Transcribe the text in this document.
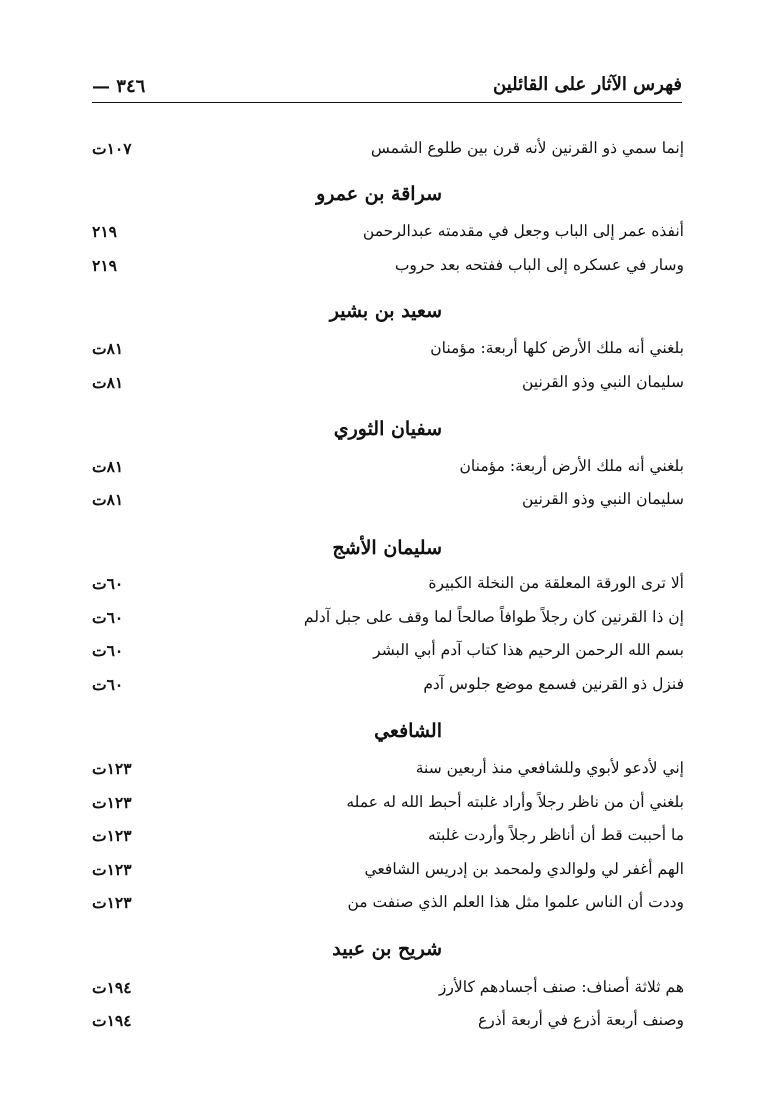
فهرس الآثار على القائلين
— ٣٤٦
إنما سمي ذو القرنين لأنه قرن بين طلوع الشمس
١٠٧ت
سراقة بن عمرو
أنفذه عمر إلى الباب وجعل في مقدمته عبدالرحمن
٢١٩
وسار في عسكره إلى الباب ففتحه بعد حروب
٢١٩
سعيد بن بشير
بلغني أنه ملك الأرض كلها أربعة: مؤمنان
٨١ت
سليمان النبي وذو القرنين
٨١ت
سفيان الثوري
بلغني أنه ملك الأرض أربعة: مؤمنان
٨١ت
سليمان النبي وذو القرنين
٨١ت
سليمان الأشج
ألا ترى الورقة المعلقة من النخلة الكبيرة
٦٠ت
إن ذا القرنين كان رجلاً طوافاً صالحاً لما وقف على جبل آدلم
٦٠ت
بسم الله الرحمن الرحيم هذا كتاب آدم أبي البشر
٦٠ت
فنزل ذو القرنين فسمع موضع جلوس آدم
٦٠ت
الشافعي
إني لأدعو لأبوي وللشافعي منذ أربعين سنة
١٢٣ت
بلغني أن من ناظر رجلاً وأراد غلبته أحبط الله له عمله
١٢٣ت
ما أحببت قط أن أناظر رجلاً وأردت غلبته
١٢٣ت
الهم أغفر لي ولوالدي ولمحمد بن إدريس الشافعي
١٢٣ت
وددت أن الناس علموا مثل هذا العلم الذي صنفت من
١٢٣ت
شريح بن عبيد
هم ثلاثة أصناف: صنف أجسادهم كالأرز
١٩٤ت
وصنف أربعة أذرع في أربعة أذرع
١٩٤ت
